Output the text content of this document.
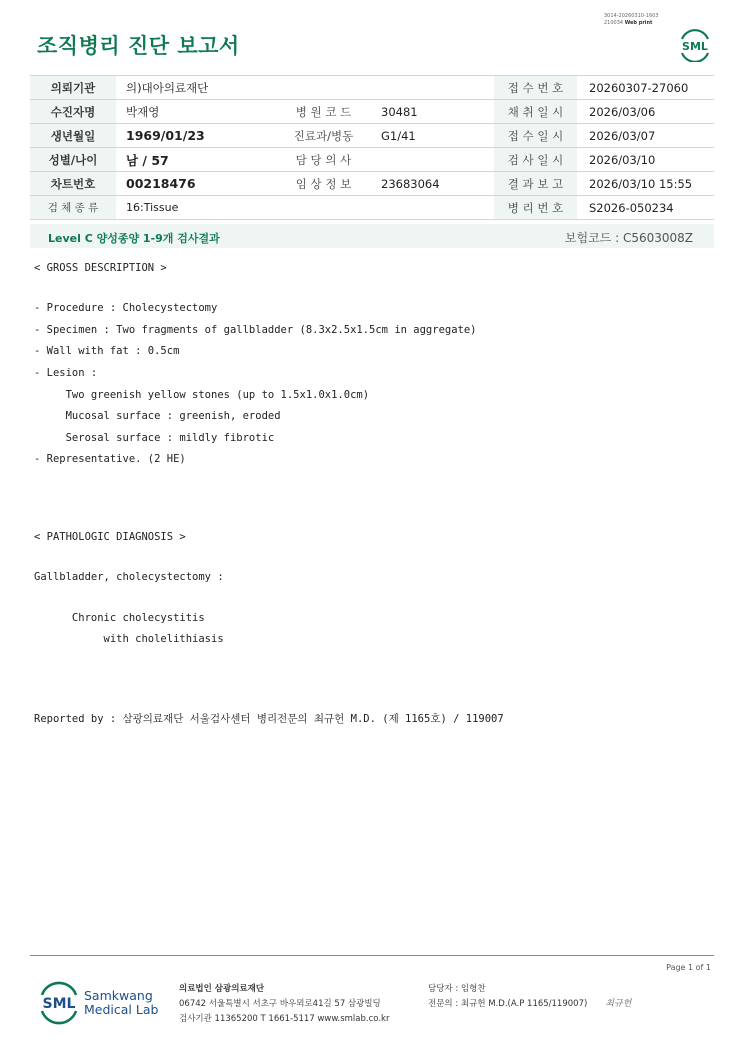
3014-20260310-1603
210034 Web print
조직병리 진단 보고서	SML
의뢰기관	의)대아의료재단			접 수 번 호	20260307-27060
수진자명	박재영	병 원 코 드	30481	채 취 일 시	2026/03/06
생년월일	1969/01/23	진료과/병동	G1/41	접 수 일 시	2026/03/07
성별/나이	남 / 57	담 당 의 사		검 사 일 시	2026/03/10
차트번호	00218476	임 상 정 보	23683064	결 과 보 고	2026/03/10 15:55
검 체 종 류	16:Tissue			병 리 번 호	S2026-050234
Level C 양성종양 1-9개 검사결과	보험코드 : C5603008Z
< GROSS DESCRIPTION >
- Procedure : Cholecystectomy
- Specimen : Two fragments of gallbladder (8.3x2.5x1.5cm in aggregate)
- Wall with fat : 0.5cm
- Lesion :
Two greenish yellow stones (up to 1.5x1.0x1.0cm)
Mucosal surface : greenish, eroded
Serosal surface : mildly fibrotic
- Representative. (2 HE)
< PATHOLOGIC DIAGNOSIS >
Gallbladder, cholecystectomy :
Chronic cholecystitis
with cholelithiasis
Reported by : 삼광의료재단 서울검사센터 병리전문의 최규헌 M.D. (제 1165호) / 119007
Page 1 of 1
SML
Samkwang
Medical Lab
의료법인 삼광의료재단
06742 서울특별시 서초구 바우뫼로41길 57 삼광빌딩
검사기관 11365200 T 1661-5117 www.smlab.co.kr
담당자 : 임형찬
전문의 : 최규헌 M.D.(A.P 1165/119007) 최규헌
